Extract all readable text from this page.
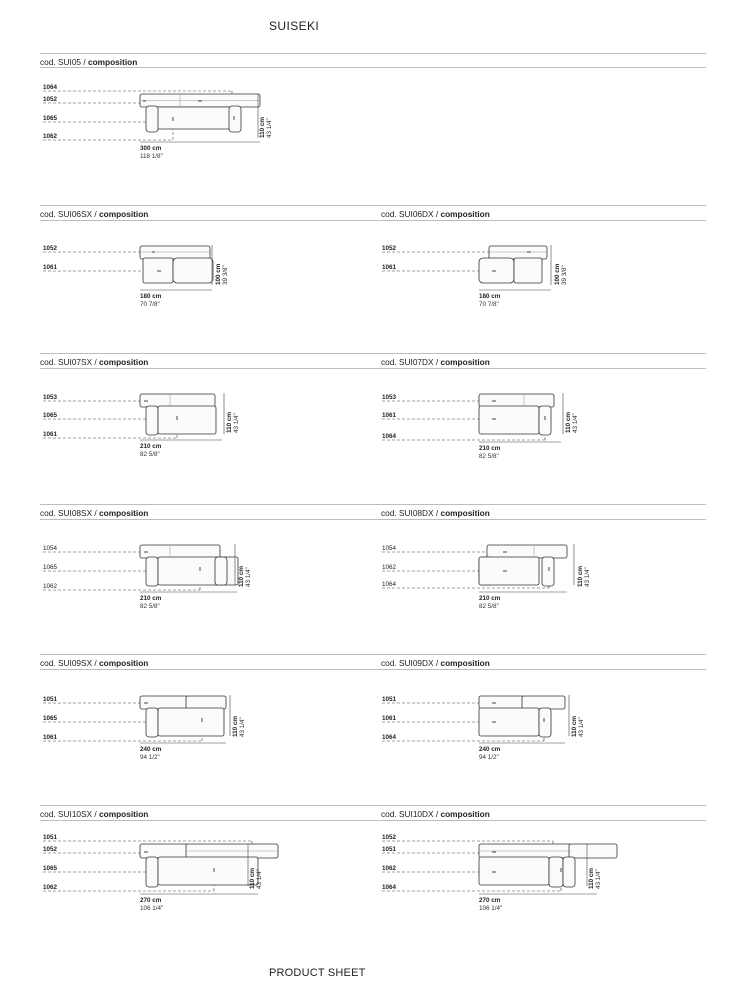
SUISEKI
cod. SUI05 / composition
1064
1052
1065
1062
300 cm
118 1/8"
110 cm 43 1/4"
cod. SUI06SX / composition	cod. SUI06DX / composition
1052
1061
180 cm
70 7/8"
100 cm 39 3/8"
1052
1061
180 cm
70 7/8"
100 cm 39 3/8"
cod. SUI07SX / composition	cod. SUI07DX / composition
1053
1065
1061
210 cm
82 5/8"
110 cm 43 1/4"
1053
1061
1064
210 cm
82 5/8"
110 cm 43 1/4"
cod. SUI08SX / composition	cod. SUI08DX / composition
1054
1065
1062
210 cm
82 5/8"
110 cm 43 1/4"
1054
1062
1064
210 cm
82 5/8"
110 cm 43 1/4"
cod. SUI09SX / composition	cod. SUI09DX / composition
1051
1065
1061
240 cm
94 1/2"
110 cm 43 1/4"
1051
1061
1064
240 cm
94 1/2"
110 cm 43 1/4"
cod. SUI10SX / composition	cod. SUI10DX / composition
1051
1052
1065
1062
270 cm
106 1/4"
110 cm 43 1/4"
1052
1051
1062
1064
270 cm
106 1/4"
110 cm 43 1/4"
PRODUCT SHEET
